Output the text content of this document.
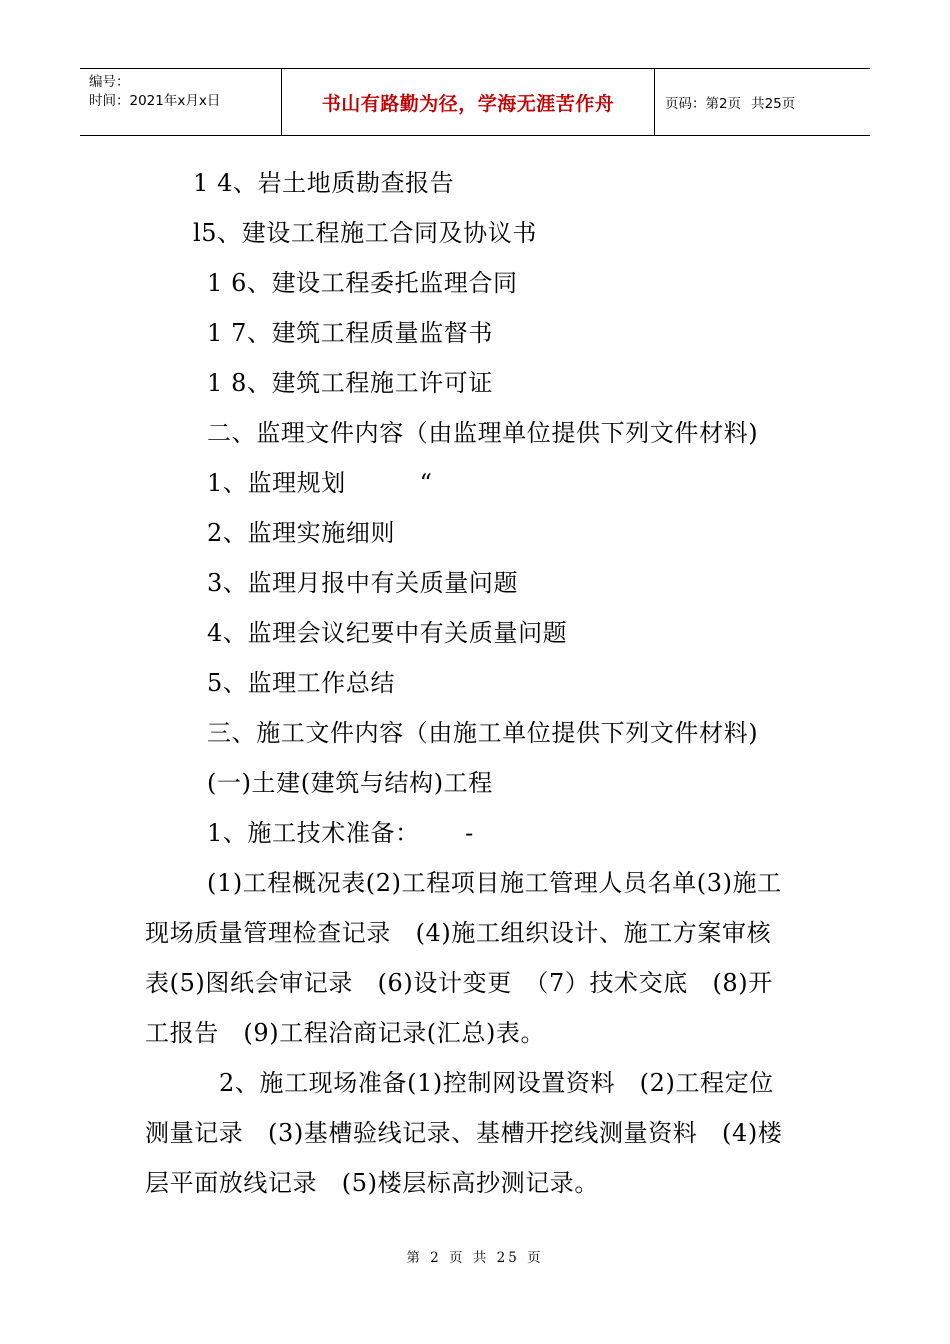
编号：
时间：2021年x月x日	书山有路勤为径，学海无涯苦作舟	页码：第2页 共25页
1 4、岩土地质勘查报告
l5、建设工程施工合同及协议书
1 6、建设工程委托监理合同
1 7、建筑工程质量监督书
1 8、建筑工程施工许可证
二、监理文件内容（由监理单位提供下列文件材料)
1、监理规划　　　“
2、监理实施细则
3、监理月报中有关质量问题
4、监理会议纪要中有关质量问题
5、监理工作总结
三、施工文件内容（由施工单位提供下列文件材料)
(一)土建(建筑与结构)工程
1、施工技术准备：　　 -
(1)工程概况表(2)工程项目施工管理人员名单(3)施工
现场质量管理检查记录　(4)施工组织设计、施工方案审核
表(5)图纸会审记录　(6)设计变更　（7）技术交底　(8)开
工报告　(9)工程洽商记录(汇总)表。
2、施工现场准备(1)控制网设置资料　(2)工程定位
测量记录　(3)基槽验线记录、基槽开挖线测量资料　(4)楼
层平面放线记录　(5)楼层标高抄测记录。
第 2 页 共 25 页
